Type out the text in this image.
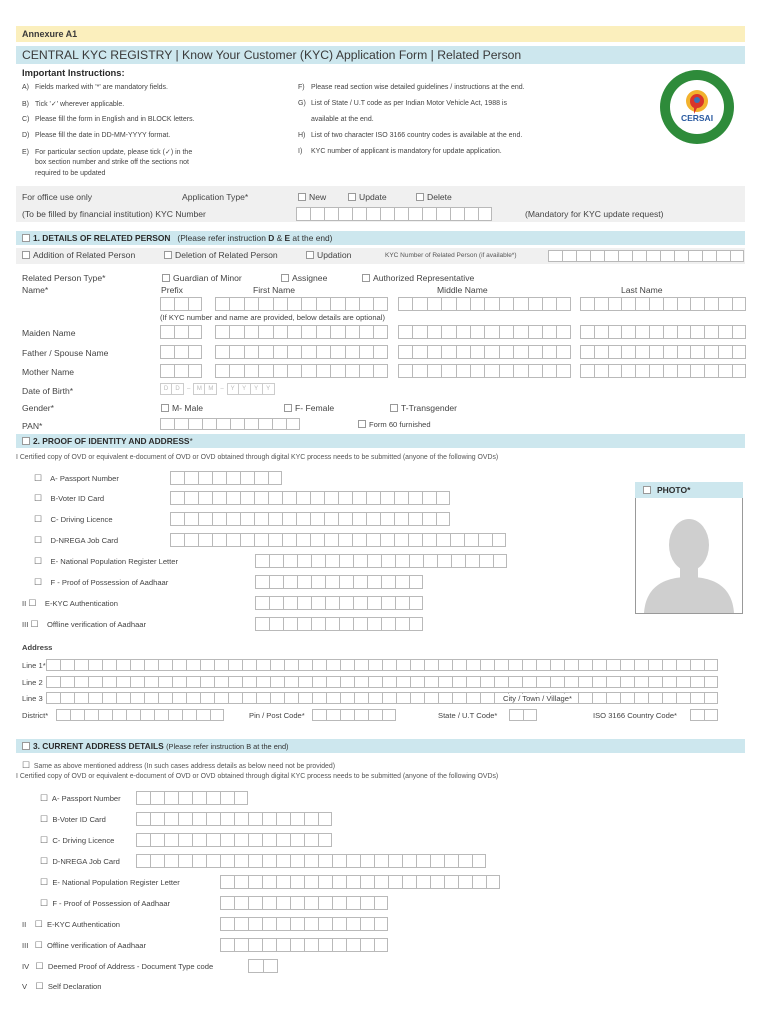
Annexure A1
CENTRAL KYC REGISTRY | Know Your Customer (KYC) Application Form | Related Person
Important Instructions:
A) Fields marked with '*' are mandatory fields.
B) Tick '✓' wherever applicable.
C) Please fill the form in English and in BLOCK letters.
D) Please fill the date in DD-MM-YYYY format.
E) For particular section update, please tick (✓) in the
box section number and strike off the sections not
required to be updated
F) Please read section wise detailed guidelines / instructions at the end.
G) List of State / U.T code as per Indian Motor Vehicle Act, 1988 is
available at the end.
H) List of two character ISO 3166 country codes is available at the end.
I) KYC number of applicant is mandatory for update application.
CERSAI
For office use only	Application Type*	New	Update	Delete
(To be filled by financial institution) KYC Number	(Mandatory for KYC update request)
1. DETAILS OF RELATED PERSON (Please refer instruction D & E at the end)
Addition of Related Person	Deletion of Related Person	Updation	KYC Number of Related Person (if available*)
Related Person Type*	Guardian of Minor	Assignee	Authorized Representative
Name*	Prefix	First Name	Middle Name	Last Name
(If KYC number and name are provided, below details are optional)
Maiden Name
Father / Spouse Name
Mother Name
Date of Birth*	D	D	–	M	M	–	Y	Y	Y	Y
Gender*	M- Male	F- Female	T-Transgender
PAN*	Form 60 furnished
2. PROOF OF IDENTITY AND ADDRESS*
I Certified copy of OVD or equivalent e-document of OVD or OVD obtained through digital KYC process needs to be submitted (anyone of the following OVDs)
☐ A- Passport Number
☐ B-Voter ID Card
☐ C- Driving Licence
☐ D-NREGA Job Card
☐ E- National Population Register Letter
☐ F - Proof of Possession of Aadhaar
II ☐ E-KYC Authentication
III ☐ Offline verification of Aadhaar
PHOTO*
Address
Line 1*
Line 2
Line 3	City / Town / Village*
District*	Pin / Post Code*	State / U.T Code*	ISO 3166 Country Code*
3. CURRENT ADDRESS DETAILS (Please refer instruction B at the end)
☐ Same as above mentioned address (In such cases address details as below need not be provided)
I Certified copy of OVD or equivalent e-document of OVD or OVD obtained through digital KYC process needs to be submitted (anyone of the following OVDs)
☐ A- Passport Number
☐ B-Voter ID Card
☐ C- Driving Licence
☐ D-NREGA Job Card
☐ E- National Population Register Letter
☐ F - Proof of Possession of Aadhaar
II ☐ E-KYC Authentication
III ☐ Offline verification of Aadhaar
IV ☐ Deemed Proof of Address - Document Type code
V ☐ Self Declaration
